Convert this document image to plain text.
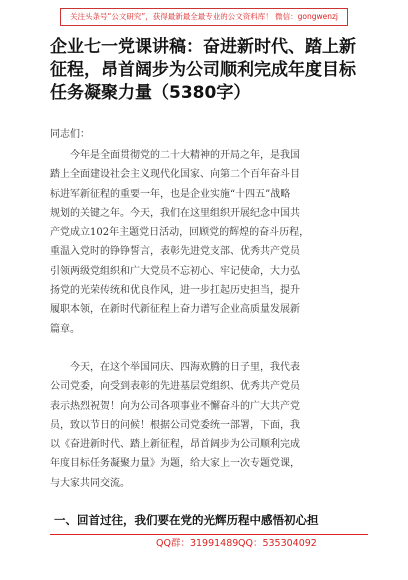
关注头条号“公文研究”，获得最新最全最专业的公文资料库！ 微信：gongwenzj
企业七一党课讲稿：奋进新时代、踏上新
征程，昂首阔步为公司顺利完成年度目标
任务凝聚力量（5380字）
同志们：
　　今年是全面贯彻党的二十大精神的开局之年，是我国
踏上全面建设社会主义现代化国家、向第二个百年奋斗目
标进军新征程的重要一年，也是企业实施“十四五”战略
规划的关键之年。今天，我们在这里组织开展纪念中国共
产党成立102年主题党日活动，回顾党的辉煌的奋斗历程，
重温入党时的铮铮誓言，表彰先进党支部、优秀共产党员
引领两级党组织和广大党员不忘初心、牢记使命，大力弘
扬党的光荣传统和优良作风，进一步扛起历史担当，提升
履职本领，在新时代新征程上奋力谱写企业高质量发展新
篇章。
　　今天，在这个举国同庆、四海欢腾的日子里，我代表
公司党委，向受到表彰的先进基层党组织、优秀共产党员
表示热烈祝贺！向为公司各项事业不懈奋斗的广大共产党
员，致以节日的问候！根据公司党委统一部署，下面，我
以《奋进新时代、踏上新征程，昂首阔步为公司顺利完成
年度目标任务凝聚力量》为题，给大家上一次专题党课，
与大家共同交流。
一、回首过往，我们要在党的光辉历程中感悟初心担
QQ群：31991489 QQ：535304092
